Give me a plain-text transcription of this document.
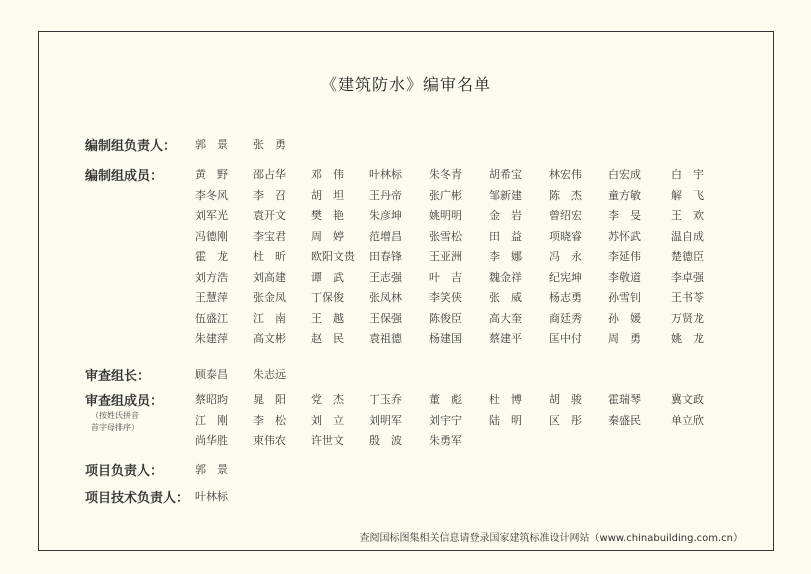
《建筑防水》编审名单
编制组负责人： 郭　景 张　勇
编制组成员：	黄　野 邵占华 邓　伟 叶林标 朱冬青 胡希宝 林宏伟 白宏成	白　宇
李冬风 李　召 胡　坦 王丹帝 张广彬 邹新建 陈　杰 童方敏	解　飞
刘军光 袁开文 樊　艳 朱彦坤 姚明明 金　岩 曾绍宏 李　旻	王　欢
冯德刚 李宝君 周　婷 范增昌 张雪松 田　益 项晓睿 苏怀武	温自成
霍　龙 杜　昕 欧阳文贵 田春锋 王亚洲 李　娜 冯　永 李延伟	楚德臣
刘方浩 刘高建 谭　武 王志强 叶　吉 魏金祥 纪宪坤 李敬道	李卓强
王慧萍 张金凤 丁保俊 张凤林 李笑侠 张　威 杨志勇 孙雪钊	王书苓
伍盛江 江　南 王　越 王保强 陈俊臣 高大奎 商廷秀 孙　媛	万贤龙
朱建萍 高文彬 赵　民 袁祖德 杨建国 蔡建平 匡中付 周　勇	姚　龙
审查组长：	顾泰昌 朱志远
审查组成员：
（按姓氏拼音
首字母排序）
蔡昭昀 晁　阳 党　杰 丁玉乔 董　彪 杜　博 胡　骏 霍瑞琴	冀文政
江　刚 李　松 刘　立 刘明军 刘宇宁 陆　明 区　彤 秦盛民	单立欣
尚华胜 束伟农 许世文 殷　波 朱勇军
项目负责人：	郭　景
项目技术负责人： 叶林标
查阅国标图集相关信息请登录国家建筑标准设计网站（www.chinabuilding.com.cn）
